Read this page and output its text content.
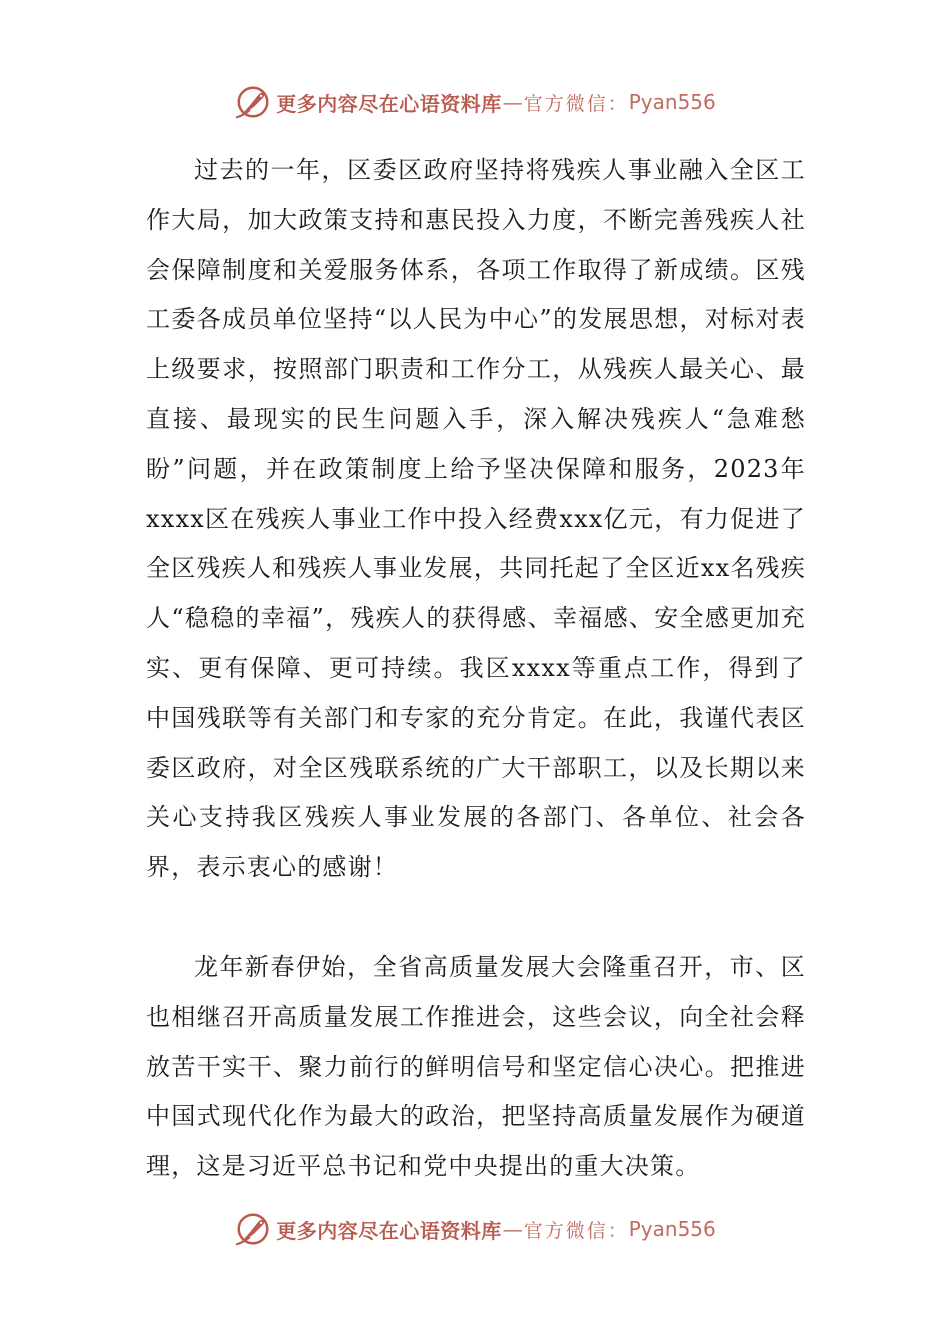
更多内容尽在心语资料库 — 官方微信： Pyan556

过去的一年，区委区政府坚持将残疾人事业融入全区工作大局，加大政策支持和惠民投入力度，不断完善残疾人社会保障制度和关爱服务体系，各项工作取得了新成绩。区残工委各成员单位坚持“以人民为中心”的发展思想，对标对表上级要求，按照部门职责和工作分工，从残疾人最关心、最直接、最现实的民生问题入手，深入解决残疾人“急难愁盼”问题，并在政策制度上给予坚决保障和服务，2023年xxxx区在残疾人事业工作中投入经费xxx亿元，有力促进了全区残疾人和残疾人事业发展，共同托起了全区近xx名残疾人“稳稳的幸福”，残疾人的获得感、幸福感、安全感更加充实、更有保障、更可持续。我区xxxx等重点工作，得到了中国残联等有关部门和专家的充分肯定。在此，我谨代表区委区政府，对全区残联系统的广大干部职工，以及长期以来关心支持我区残疾人事业发展的各部门、各单位、社会各界，表示衷心的感谢！

龙年新春伊始，全省高质量发展大会隆重召开，市、区也相继召开高质量发展工作推进会，这些会议，向全社会释放苦干实干、聚力前行的鲜明信号和坚定信心决心。把推进中国式现代化作为最大的政治，把坚持高质量发展作为硬道理，这是习近平总书记和党中央提出的重大决策。

更多内容尽在心语资料库 — 官方微信： Pyan556
